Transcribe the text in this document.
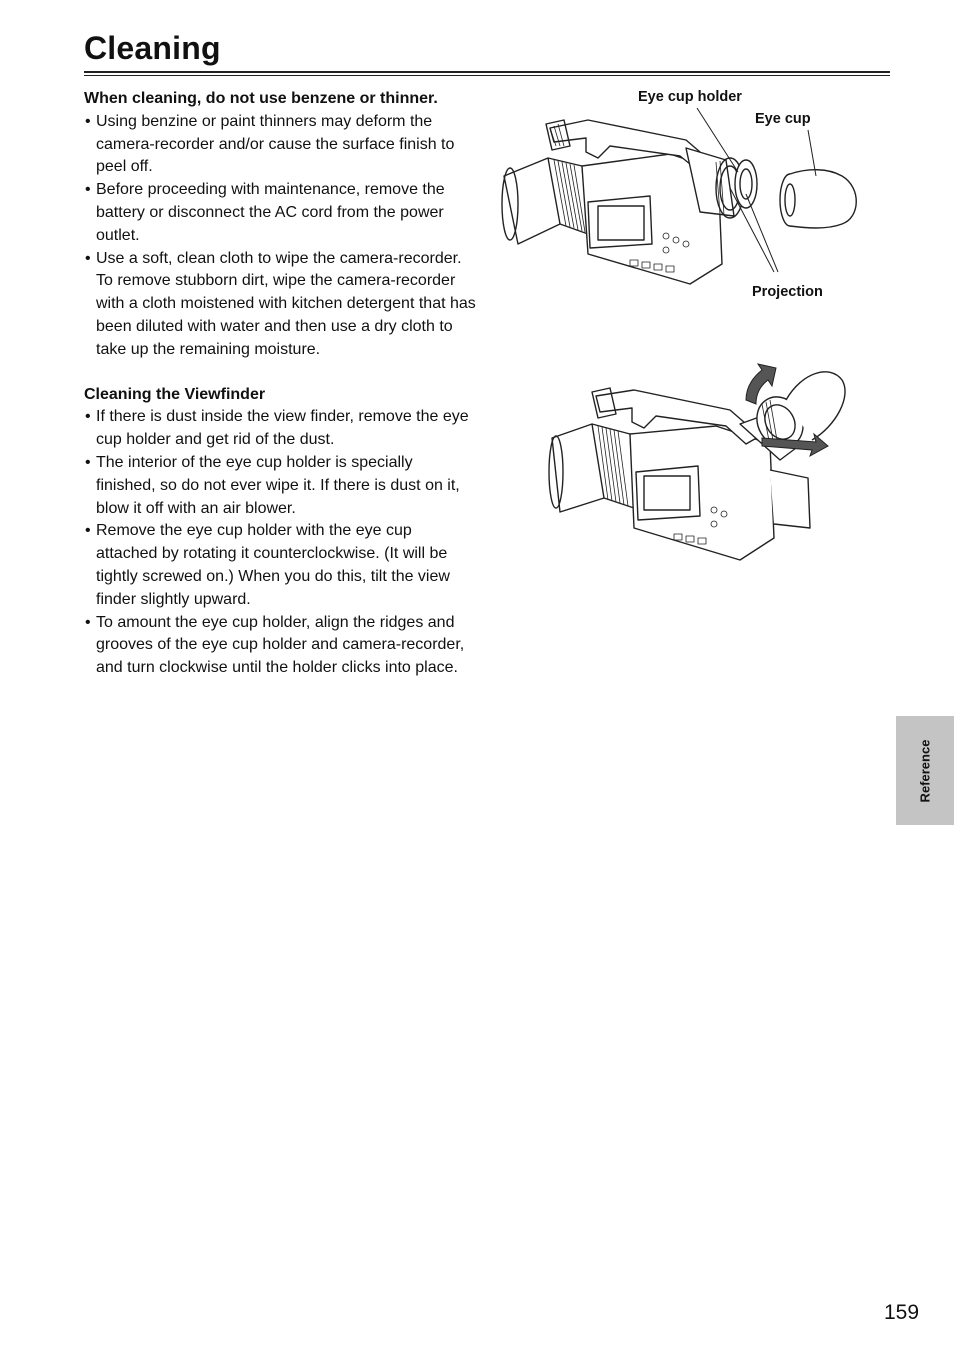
Cleaning

When cleaning, do not use benzene or thinner.

• Using benzine or paint thinners may deform the camera-recorder and/or cause the surface finish to peel off.
• Before proceeding with maintenance, remove the battery or disconnect the AC cord from the power outlet.
• Use a soft, clean cloth to wipe the camera-recorder. To remove stubborn dirt, wipe the camera-recorder with a cloth moistened with kitchen detergent that has been diluted with water and then use a dry cloth to take up the remaining moisture.

Cleaning the Viewfinder

• If there is dust inside the view finder, remove the eye cup holder and get rid of the dust.
• The interior of the eye cup holder is specially finished, so do not ever wipe it. If there is dust on it, blow it off with an air blower.
• Remove the eye cup holder with the eye cup attached by rotating it counterclockwise. (It will be tightly screwed on.) When you do this, tilt the view finder slightly upward.
• To amount the eye cup holder, align the ridges and grooves of the eye cup holder and camera-recorder, and turn clockwise until the holder clicks into place.
Eye cup holder
Eye cup
Projection
Reference
159
